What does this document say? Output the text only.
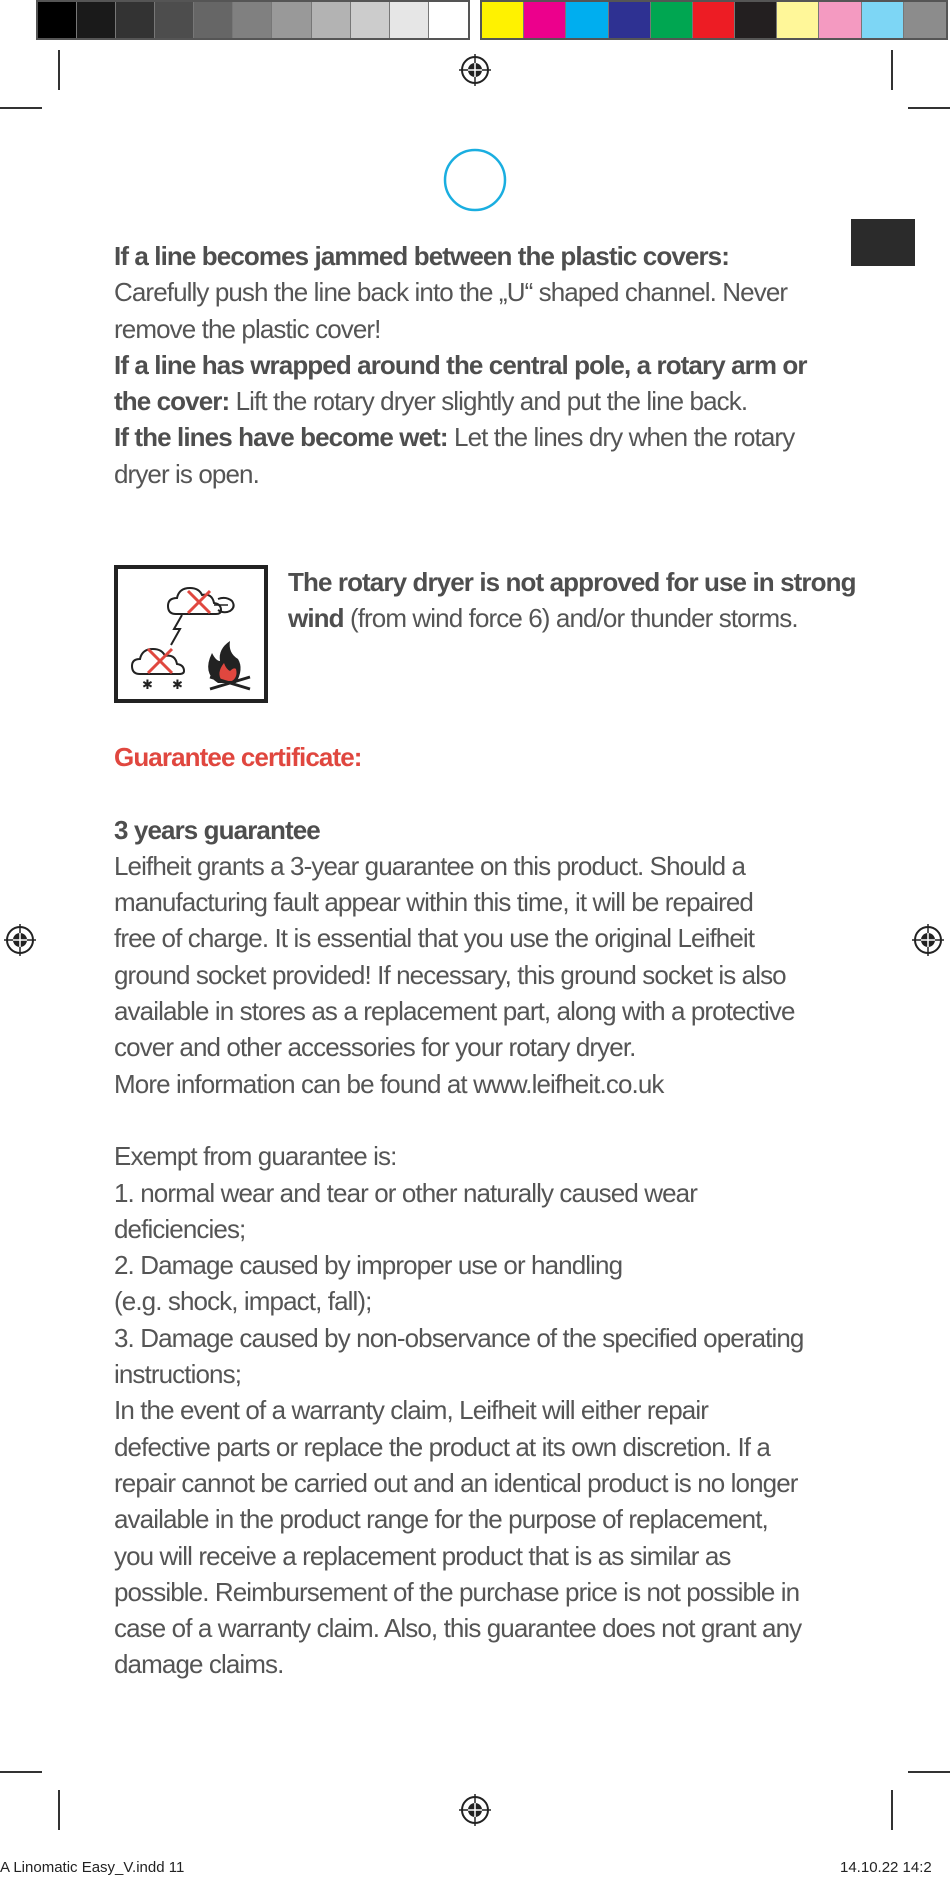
If a line becomes jammed between the plastic covers:

Carefully push the line back into the „U“ shaped channel. Never remove the plastic cover!

If a line has wrapped around the central pole, a rotary arm or the cover: Lift the rotary dryer slightly and put the line back.

If the lines have become wet: Let the lines dry when the rotary dryer is open.

✱ ✱
The rotary dryer is not approved for use in strong wind (from wind force 6) and/or thunder storms.

Guarantee certificate:

3 years guarantee

Leifheit grants a 3-year guarantee on this product. Should a

manufacturing fault appear within this time, it will be repaired

free of charge. It is essential that you use the original Leifheit

ground socket provided! If necessary, this ground socket is also

available in stores as a replacement part, along with a protective

cover and other accessories for your rotary dryer.

More information can be found at www.leifheit.co.uk

Exempt from guarantee is:

1. normal wear and tear or other naturally caused wear

deficiencies;

2. Damage caused by improper use or handling

(e.g. shock, impact, fall);

3. Damage caused by non-observance of the specified operating

instructions;

In the event of a warranty claim, Leifheit will either repair

defective parts or replace the product at its own discretion. If a

repair cannot be carried out and an identical product is no longer

available in the product range for the purpose of replacement,

you will receive a replacement product that is as similar as

possible. Reimbursement of the purchase price is not possible in

case of a warranty claim. Also, this guarantee does not grant any

damage claims.

A Linomatic Easy_V.indd 11	14.10.22 14:2
